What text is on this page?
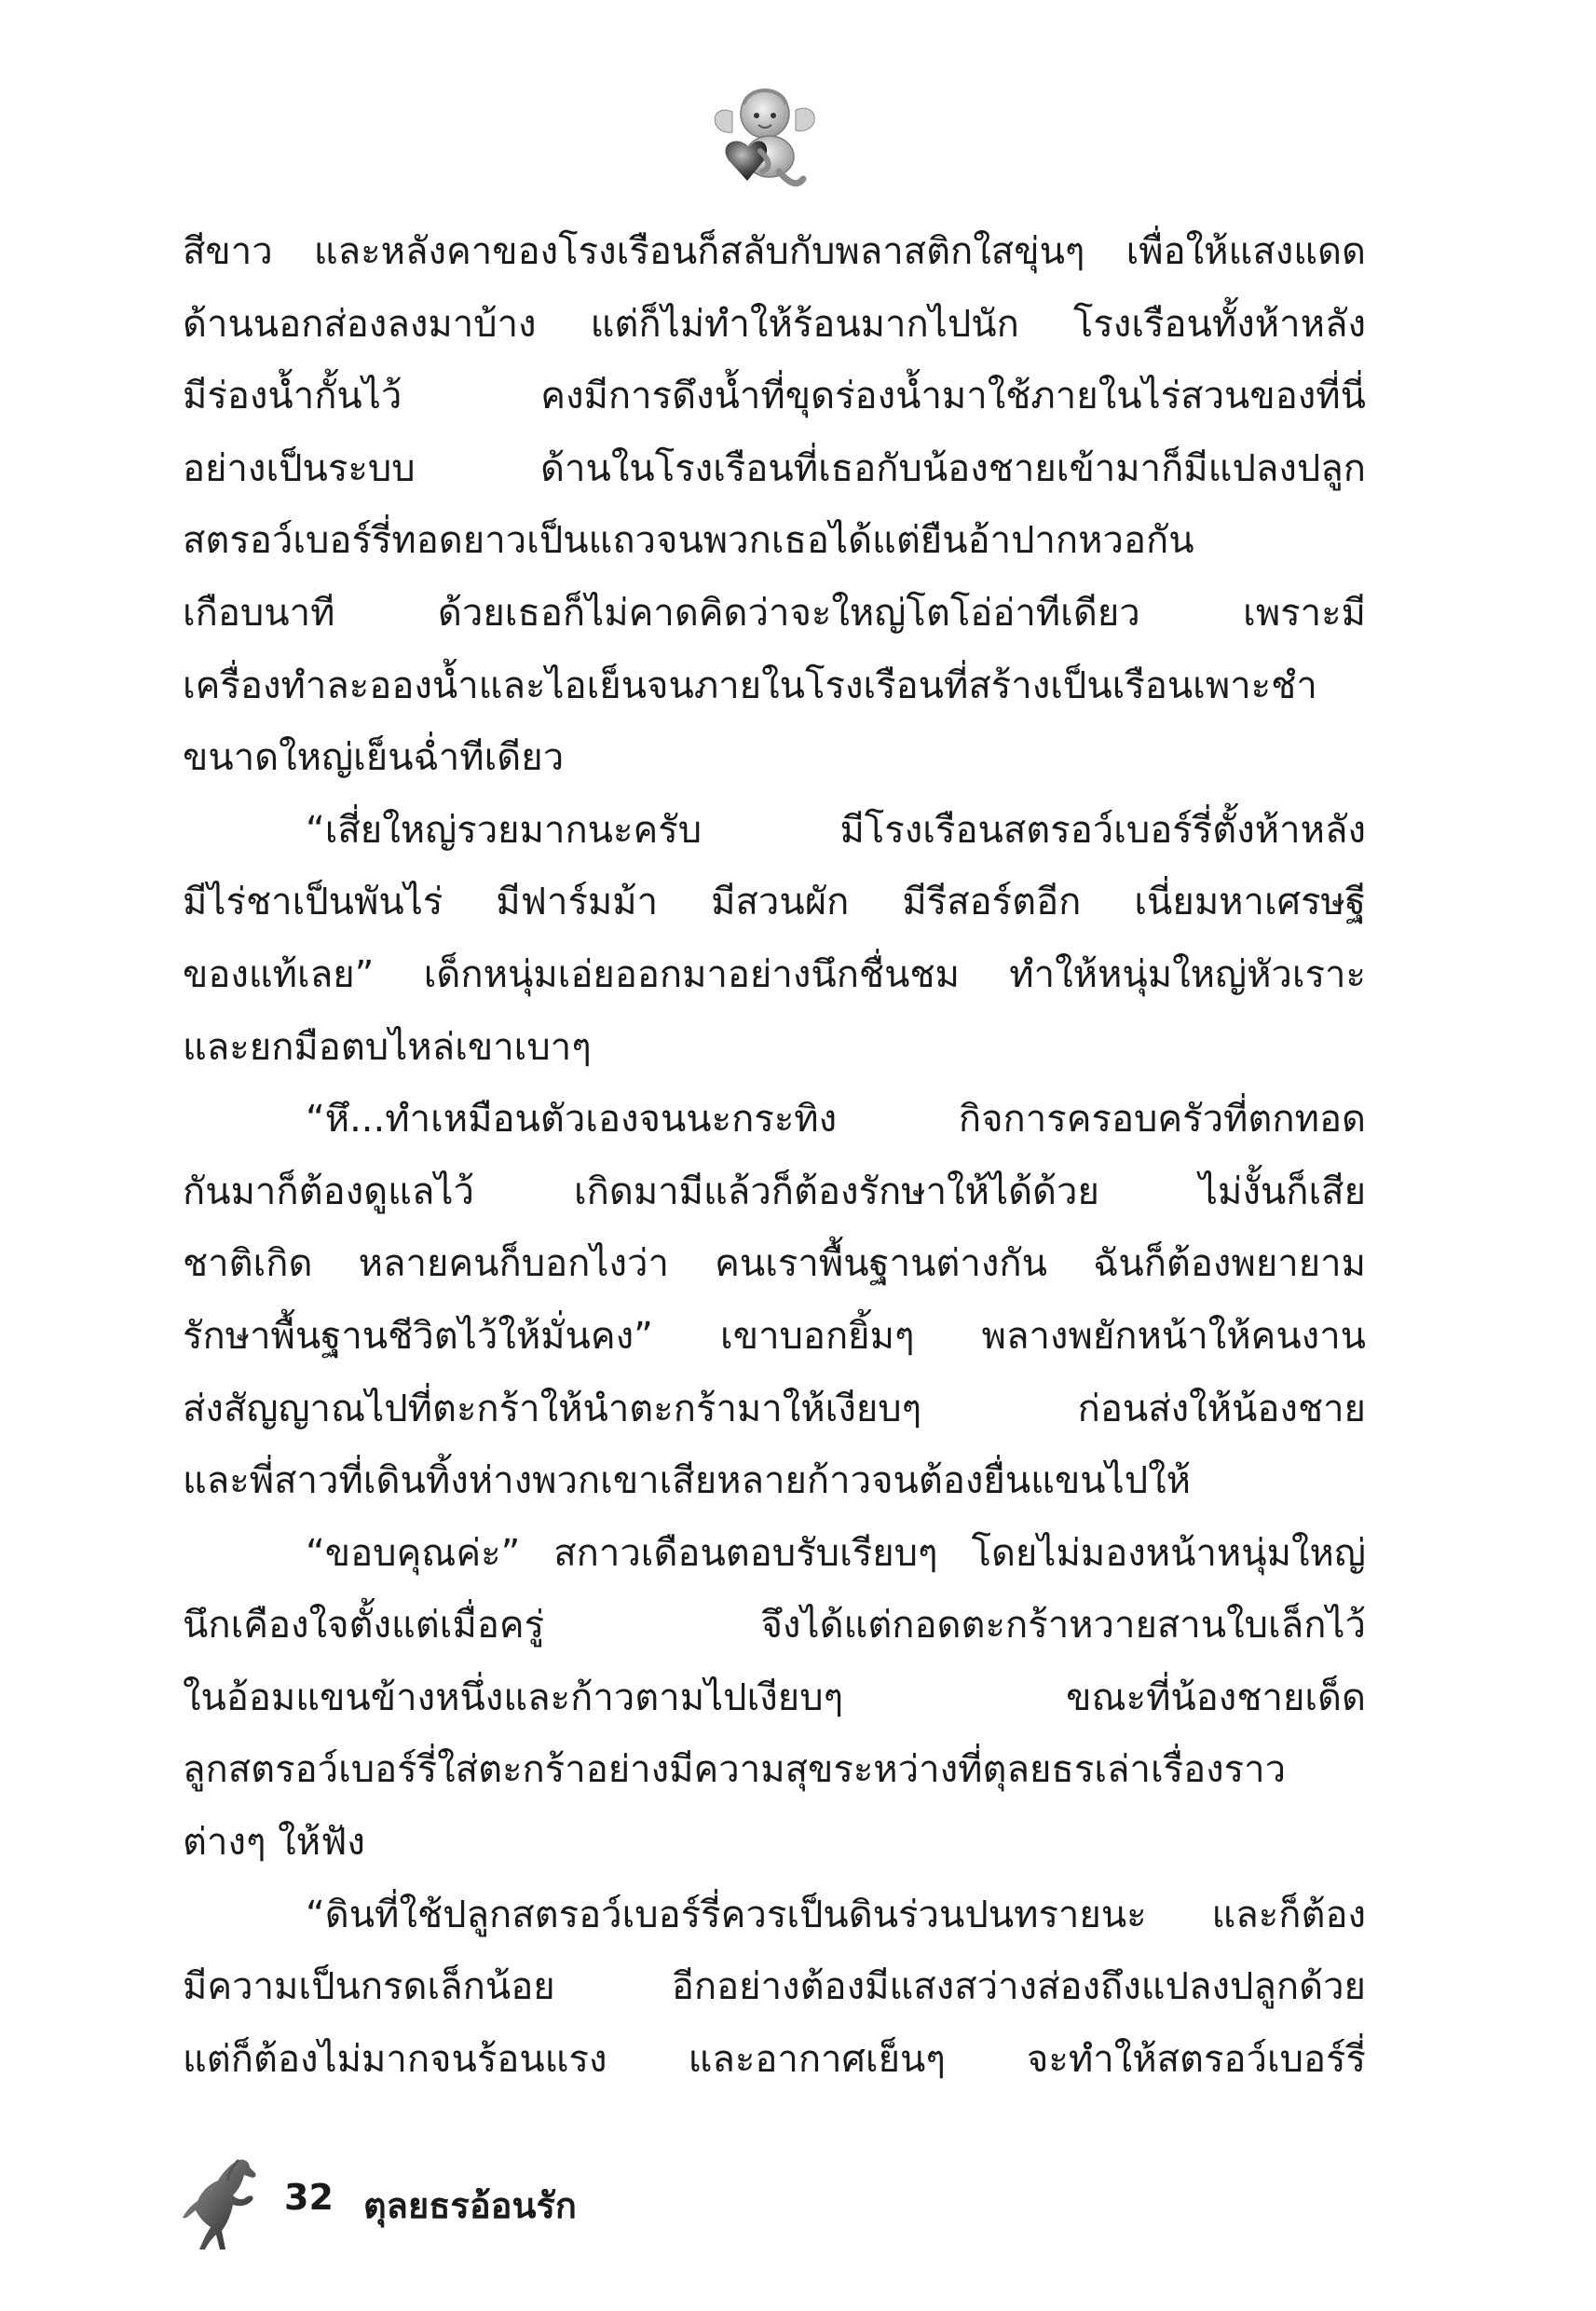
สีขาว และหลังคาของโรงเรือนก็สลับกับพลาสติกใสขุ่นๆ เพื่อให้แสงแดด
ด้านนอกส่องลงมาบ้าง แต่ก็ไม่ทำให้ร้อนมากไปนัก โรงเรือนทั้งห้าหลัง
มีร่องน้ำกั้นไว้ คงมีการดึงน้ำที่ขุดร่องน้ำมาใช้ภายในไร่สวนของที่นี่
อย่างเป็นระบบ ด้านในโรงเรือนที่เธอกับน้องชายเข้ามาก็มีแปลงปลูก
สตรอว์เบอร์รี่ทอดยาวเป็นแถวจนพวกเธอได้แต่ยืนอ้าปากหวอกัน
เกือบนาที ด้วยเธอก็ไม่คาดคิดว่าจะใหญ่โตโอ่อ่าทีเดียว เพราะมี
เครื่องทำละอองน้ำและไอเย็นจนภายในโรงเรือนที่สร้างเป็นเรือนเพาะชำ
ขนาดใหญ่เย็นฉ่ำทีเดียว
“เสี่ยใหญ่รวยมากนะครับ มีโรงเรือนสตรอว์เบอร์รี่ตั้งห้าหลัง
มีไร่ชาเป็นพันไร่ มีฟาร์มม้า มีสวนผัก มีรีสอร์ตอีก เนี่ยมหาเศรษฐี
ของแท้เลย” เด็กหนุ่มเอ่ยออกมาอย่างนึกชื่นชม ทำให้หนุ่มใหญ่หัวเราะ
และยกมือตบไหล่เขาเบาๆ
“หึ...ทำเหมือนตัวเองจนนะกระทิง กิจการครอบครัวที่ตกทอด
กันมาก็ต้องดูแลไว้ เกิดมามีแล้วก็ต้องรักษาให้ได้ด้วย ไม่งั้นก็เสีย
ชาติเกิด หลายคนก็บอกไงว่า คนเราพื้นฐานต่างกัน ฉันก็ต้องพยายาม
รักษาพื้นฐานชีวิตไว้ให้มั่นคง” เขาบอกยิ้มๆ พลางพยักหน้าให้คนงาน
ส่งสัญญาณไปที่ตะกร้าให้นำตะกร้ามาให้เงียบๆ ก่อนส่งให้น้องชาย
และพี่สาวที่เดินทิ้งห่างพวกเขาเสียหลายก้าวจนต้องยื่นแขนไปให้
“ขอบคุณค่ะ” สกาวเดือนตอบรับเรียบๆ โดยไม่มองหน้าหนุ่มใหญ่
นึกเคืองใจตั้งแต่เมื่อครู่ จึงได้แต่กอดตะกร้าหวายสานใบเล็กไว้
ในอ้อมแขนข้างหนึ่งและก้าวตามไปเงียบๆ ขณะที่น้องชายเด็ด
ลูกสตรอว์เบอร์รี่ใส่ตะกร้าอย่างมีความสุขระหว่างที่ตุลยธรเล่าเรื่องราว
ต่างๆ ให้ฟัง
“ดินที่ใช้ปลูกสตรอว์เบอร์รี่ควรเป็นดินร่วนปนทรายนะ และก็ต้อง
มีความเป็นกรดเล็กน้อย อีกอย่างต้องมีแสงสว่างส่องถึงแปลงปลูกด้วย
แต่ก็ต้องไม่มากจนร้อนแรง และอากาศเย็นๆ จะทำให้สตรอว์เบอร์รี่
32 ตุลยธรอ้อนรัก
